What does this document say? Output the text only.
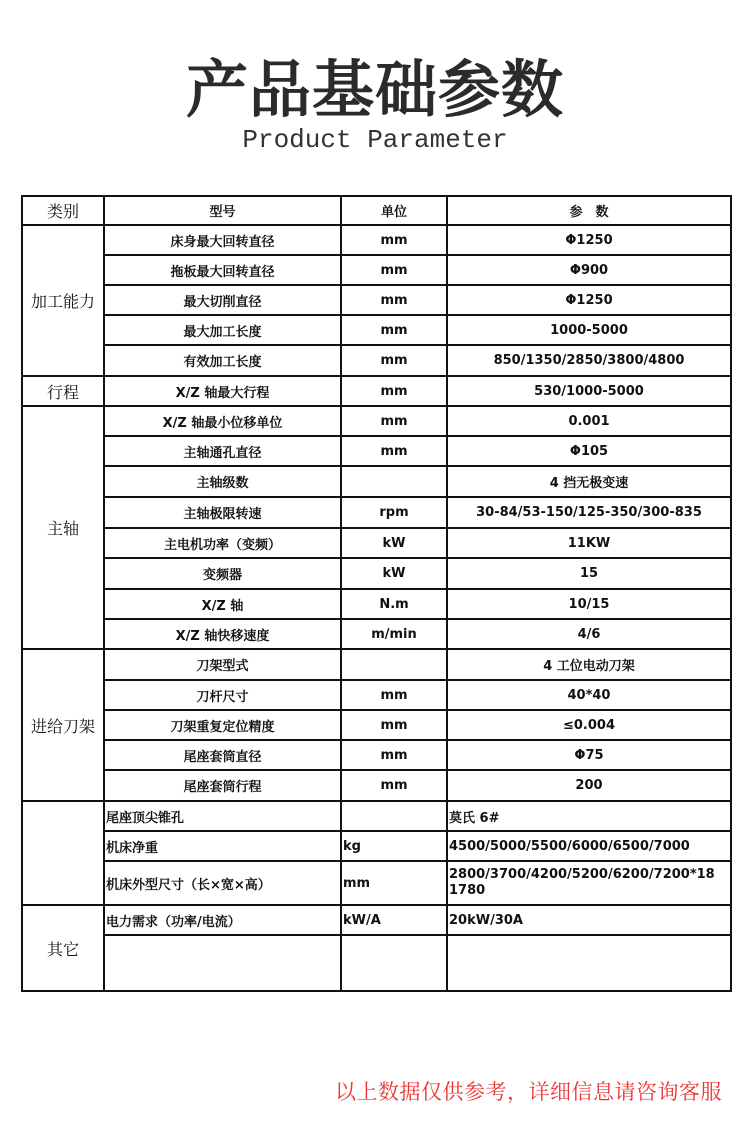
产品基础参数
Product Parameter
类别	型号	单位	参　数
加工能力	床身最大回转直径	mm	Φ1250
	拖板最大回转直径	mm	Φ900
	最大切削直径	mm	Φ1250
	最大加工长度	mm	1000-5000
	有效加工长度	mm	850/1350/2850/3800/4800
行程	X/Z 轴最大行程	mm	530/1000-5000
主轴	X/Z 轴最小位移单位	mm	0.001
	主轴通孔直径	mm	Φ105
	主轴级数		4 挡无极变速
	主轴极限转速	rpm	30-84/53-150/125-350/300-835
	主电机功率（变频）	kW	11KW
	变频器	kW	15
	X/Z 轴	N.m	10/15
	X/Z 轴快移速度	m/min	4/6
进给刀架	刀架型式		4 工位电动刀架
	刀杆尺寸	mm	40*40
	刀架重复定位精度	mm	≤0.004
	尾座套筒直径	mm	Φ75
	尾座套筒行程	mm	200
	尾座顶尖锥孔		莫氏 6#
	机床净重	kg	4500/5000/5500/6000/6500/7000
	机床外型尺寸（长×宽×高）	mm	2800/3700/4200/5200/6200/7200*18 1780
其它	电力需求（功率/电流）	kW/A	20kW/30A

以上数据仅供参考，详细信息请咨询客服
